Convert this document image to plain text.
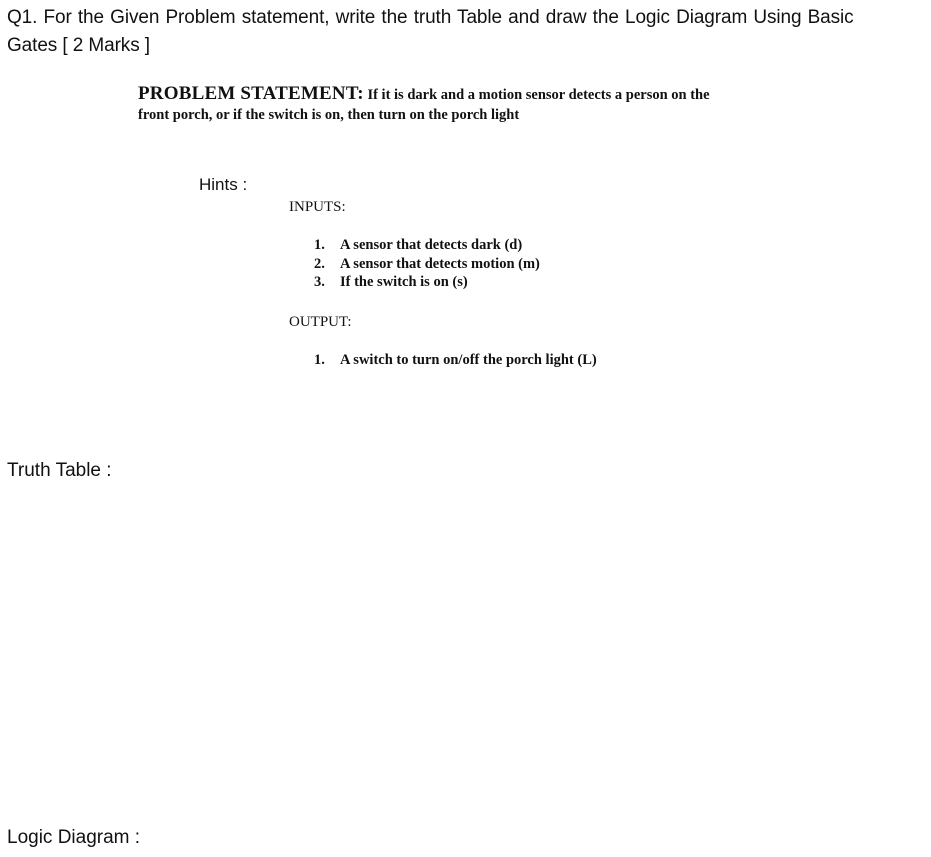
Q1. For the Given Problem statement, write the truth Table and draw the Logic Diagram Using Basic
Gates [ 2 Marks ]
PROBLEM STATEMENT: If it is dark and a motion sensor detects a person on the
front porch, or if the switch is on, then turn on the porch light
Hints :
INPUTS:
1. A sensor that detects dark (d)
2. A sensor that detects motion (m)
3. If the switch is on (s)
OUTPUT:
1. A switch to turn on/off the porch light (L)
Truth Table :
Logic Diagram :
